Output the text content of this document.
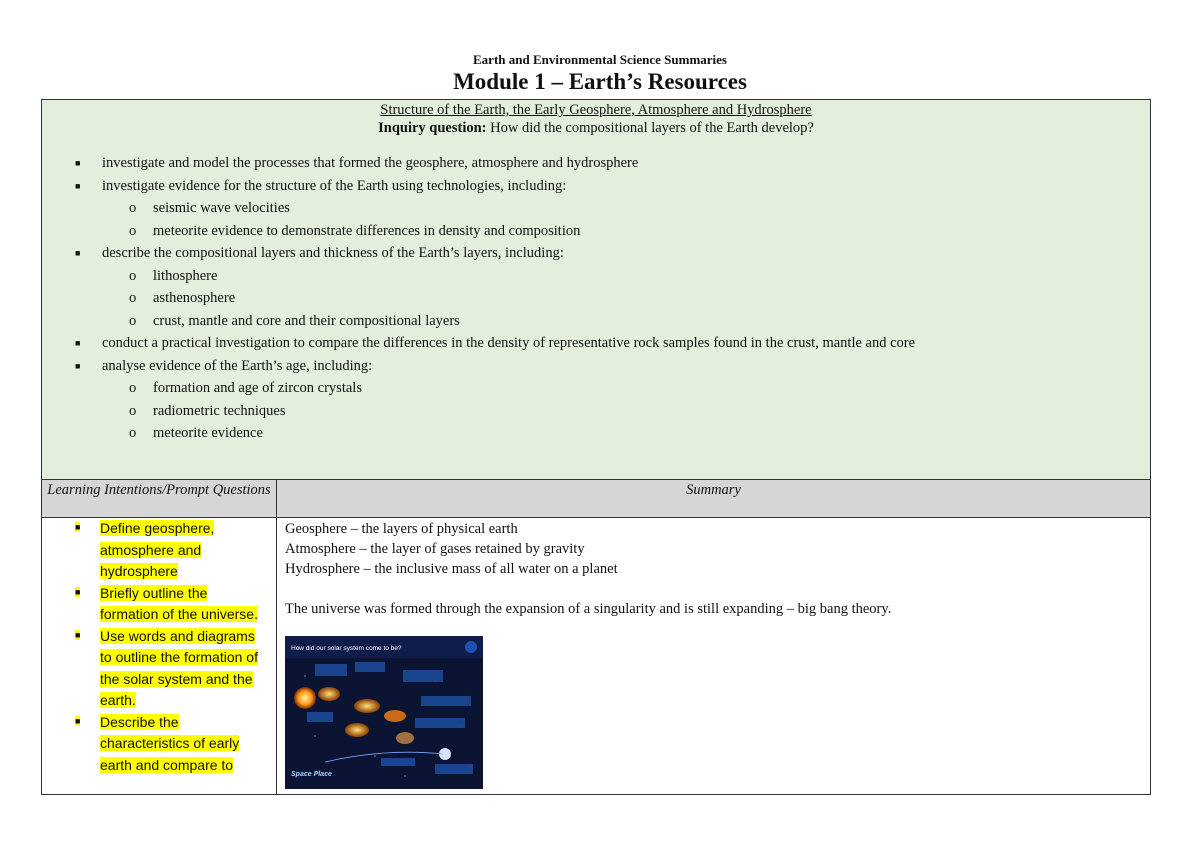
Earth and Environmental Science Summaries
Module 1 – Earth’s Resources
Structure of the Earth, the Early Geosphere, Atmosphere and Hydrosphere
Inquiry question: How did the compositional layers of the Earth develop?
■ investigate and model the processes that formed the geosphere, atmosphere and hydrosphere
■ investigate evidence for the structure of the Earth using technologies, including:
o seismic wave velocities
o meteorite evidence to demonstrate differences in density and composition
■ describe the compositional layers and thickness of the Earth’s layers, including:
o lithosphere
o asthenosphere
o crust, mantle and core and their compositional layers
■ conduct a practical investigation to compare the differences in the density of representative rock samples found in the crust, mantle and core
■ analyse evidence of the Earth’s age, including:
o formation and age of zircon crystals
o radiometric techniques
o meteorite evidence
Learning Intentions/Prompt Questions	Summary
■ Define geosphere, atmosphere and hydrosphere
■ Briefly outline the formation of the universe.
■ Use words and diagrams to outline the formation of the solar system and the earth.
■ Describe the characteristics of early earth and compare to

Geosphere – the layers of physical earth

Atmosphere – the layer of gases retained by gravity

Hydrosphere – the inclusive mass of all water on a planet

The universe was formed through the expansion of a singularity and is still expanding – big bang theory.

How did our solar system come to be?
Space Place
